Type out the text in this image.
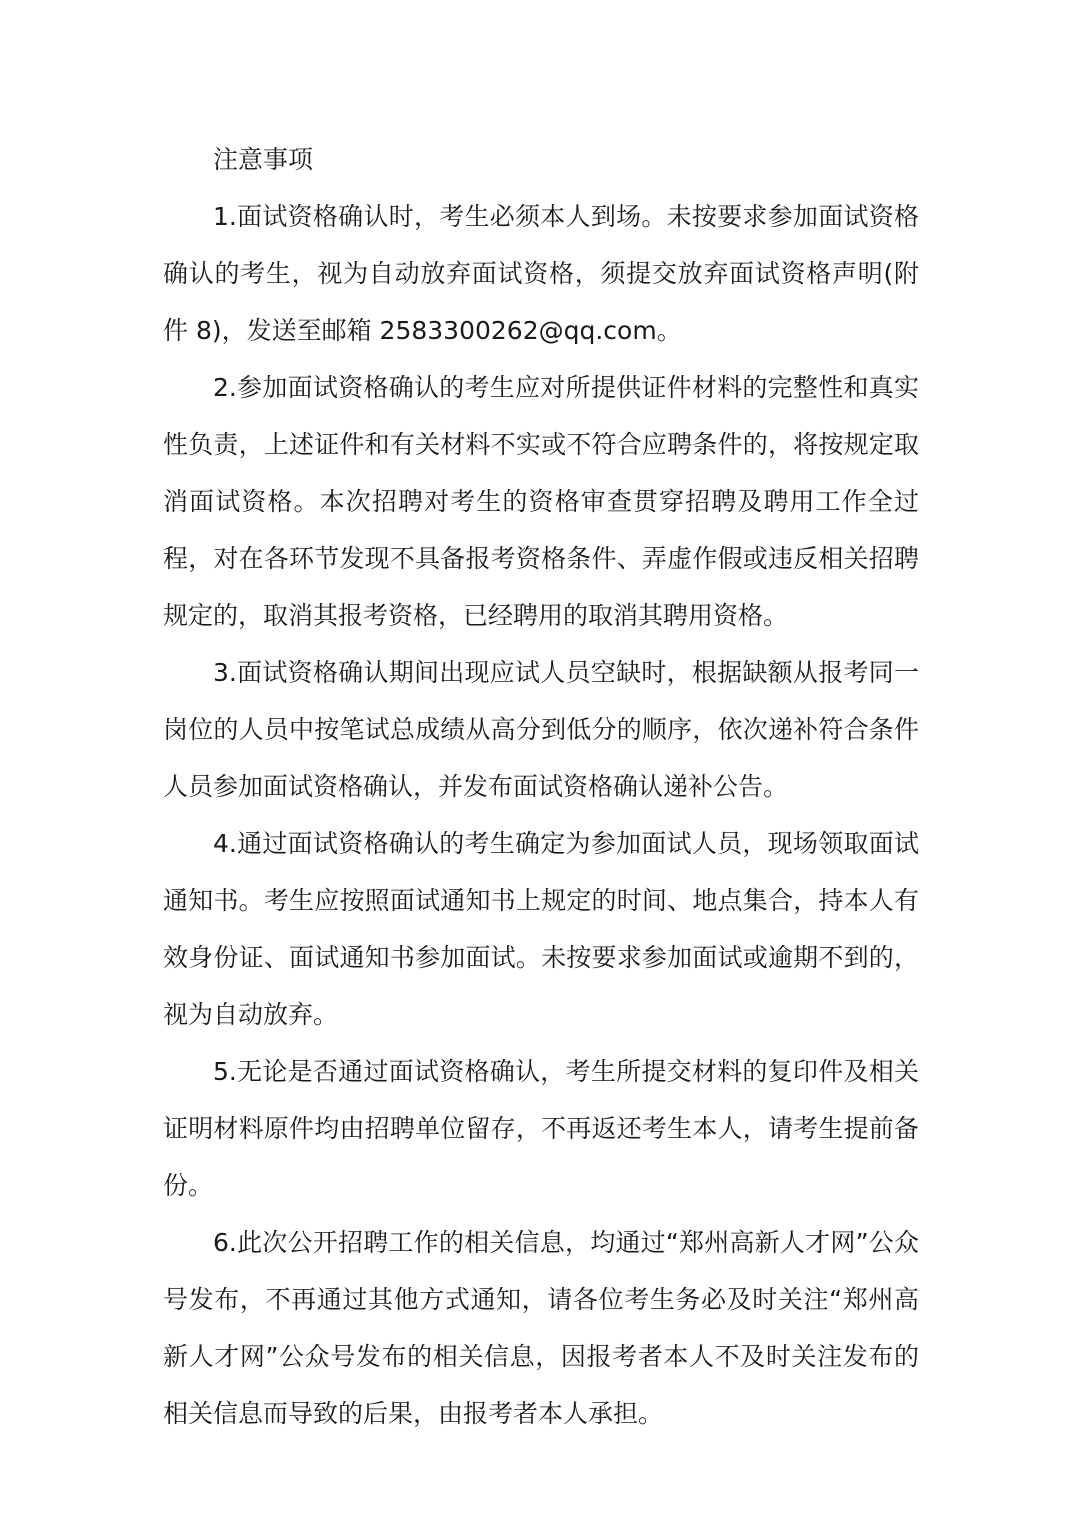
注意事项

1.面试资格确认时，考生必须本人到场。未按要求参加面试资格确认的考生，视为自动放弃面试资格，须提交放弃面试资格声明(附件 8)，发送至邮箱 2583300262@qq.com。

2.参加面试资格确认的考生应对所提供证件材料的完整性和真实性负责，上述证件和有关材料不实或不符合应聘条件的，将按规定取消面试资格。本次招聘对考生的资格审查贯穿招聘及聘用工作全过程，对在各环节发现不具备报考资格条件、弄虚作假或违反相关招聘规定的，取消其报考资格，已经聘用的取消其聘用资格。

3.面试资格确认期间出现应试人员空缺时，根据缺额从报考同一岗位的人员中按笔试总成绩从高分到低分的顺序，依次递补符合条件人员参加面试资格确认，并发布面试资格确认递补公告。

4.通过面试资格确认的考生确定为参加面试人员，现场领取面试通知书。考生应按照面试通知书上规定的时间、地点集合，持本人有效身份证、面试通知书参加面试。未按要求参加面试或逾期不到的，视为自动放弃。

5.无论是否通过面试资格确认，考生所提交材料的复印件及相关证明材料原件均由招聘单位留存，不再返还考生本人，请考生提前备份。

6.此次公开招聘工作的相关信息，均通过“郑州高新人才网”公众号发布，不再通过其他方式通知，请各位考生务必及时关注“郑州高新人才网”公众号发布的相关信息，因报考者本人不及时关注发布的相关信息而导致的后果，由报考者本人承担。
